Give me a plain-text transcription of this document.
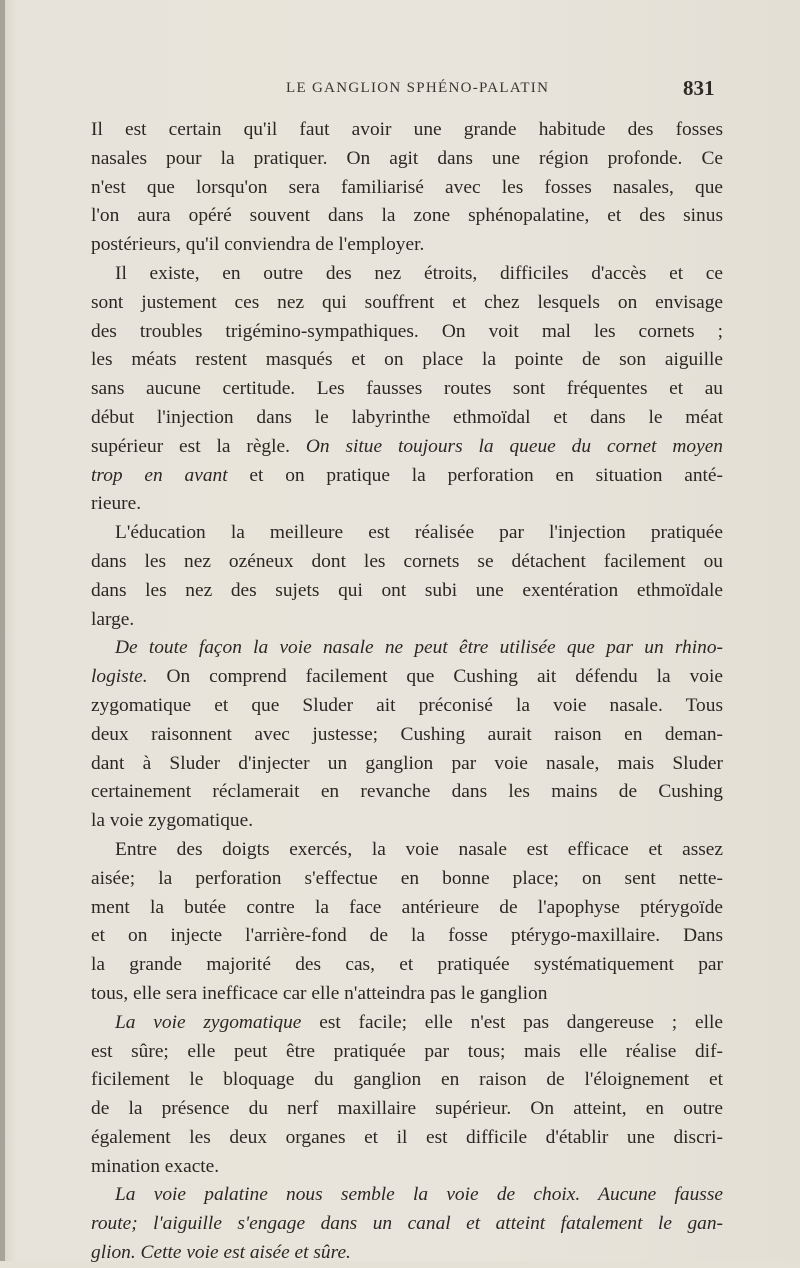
LE GANGLION SPHÉNO-PALATIN	831
Il est certain qu'il faut avoir une grande habitude des fosses
nasales pour la pratiquer. On agit dans une région profonde. Ce
n'est que lorsqu'on sera familiarisé avec les fosses nasales, que
l'on aura opéré souvent dans la zone sphénopalatine, et des sinus
postérieurs, qu'il conviendra de l'employer.
Il existe, en outre des nez étroits, difficiles d'accès et ce
sont justement ces nez qui souffrent et chez lesquels on envisage
des troubles trigémino-sympathiques. On voit mal les cornets ;
les méats restent masqués et on place la pointe de son aiguille
sans aucune certitude. Les fausses routes sont fréquentes et au
début l'injection dans le labyrinthe ethmoïdal et dans le méat
supérieur est la règle. On situe toujours la queue du cornet moyen
trop en avant et on pratique la perforation en situation anté-
rieure.
L'éducation la meilleure est réalisée par l'injection pratiquée
dans les nez ozéneux dont les cornets se détachent facilement ou
dans les nez des sujets qui ont subi une exentération ethmoïdale
large.
De toute façon la voie nasale ne peut être utilisée que par un rhino-
logiste. On comprend facilement que Cushing ait défendu la voie
zygomatique et que Sluder ait préconisé la voie nasale. Tous
deux raisonnent avec justesse; Cushing aurait raison en deman-
dant à Sluder d'injecter un ganglion par voie nasale, mais Sluder
certainement réclamerait en revanche dans les mains de Cushing
la voie zygomatique.
Entre des doigts exercés, la voie nasale est efficace et assez
aisée; la perforation s'effectue en bonne place; on sent nette-
ment la butée contre la face antérieure de l'apophyse ptérygoïde
et on injecte l'arrière-fond de la fosse ptérygo-maxillaire. Dans
la grande majorité des cas, et pratiquée systématiquement par
tous, elle sera inefficace car elle n'atteindra pas le ganglion
La voie zygomatique est facile; elle n'est pas dangereuse ; elle
est sûre; elle peut être pratiquée par tous; mais elle réalise dif-
ficilement le bloquage du ganglion en raison de l'éloignement et
de la présence du nerf maxillaire supérieur. On atteint, en outre
également les deux organes et il est difficile d'établir une discri-
mination exacte.
La voie palatine nous semble la voie de choix. Aucune fausse
route; l'aiguille s'engage dans un canal et atteint fatalement le gan-
glion. Cette voie est aisée et sûre.
